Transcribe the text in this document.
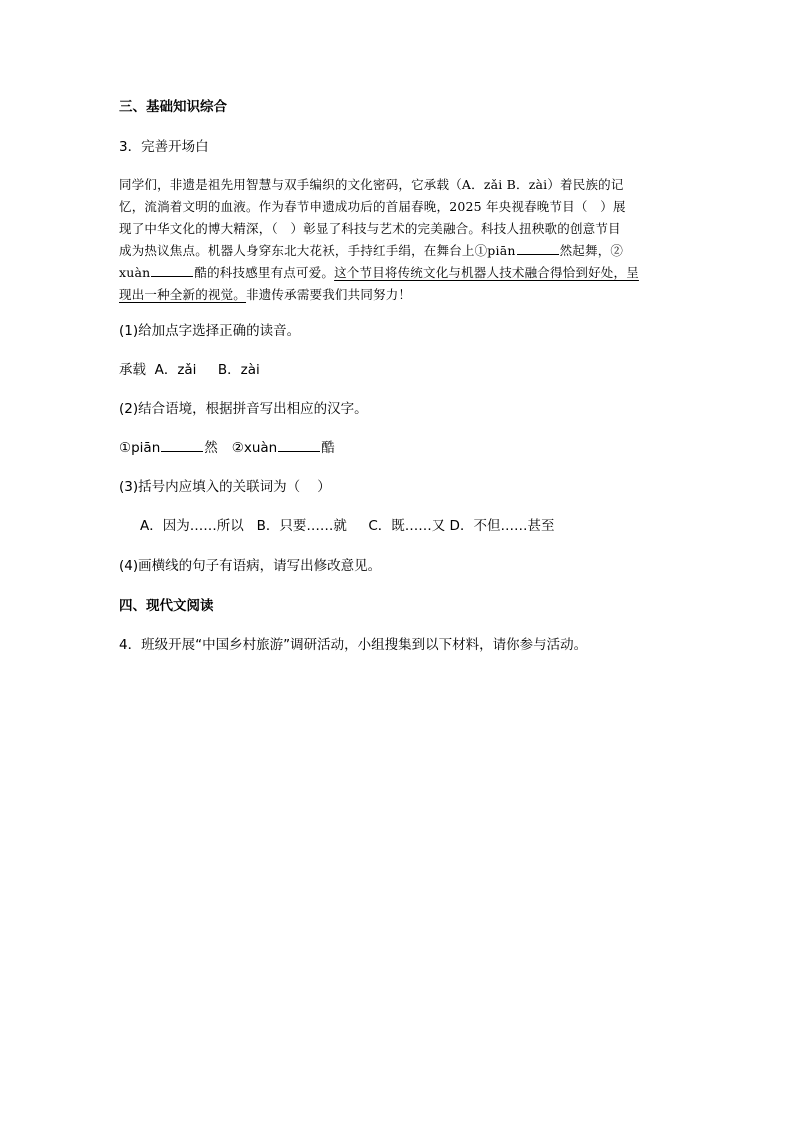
三、基础知识综合
3．完善开场白
同学们，非遗是祖先用智慧与双手编织的文化密码，它承载（A．zǎi B．zài）着民族的记
忆，流淌着文明的血液。作为春节申遗成功后的首届春晚，2025 年央视春晚节目（　）展
现了中华文化的博大精深，（　）彰显了科技与艺术的完美融合。科技人扭秧歌的创意节目
成为热议焦点。机器人身穿东北大花袄，手持红手绢，在舞台上①piān	然起舞，②
xuàn	酷的科技感里有点可爱。这个节目将传统文化与机器人技术融合得恰到好处，呈
现出一种全新的视觉。非遗传承需要我们共同努力！
(1)给加点字选择正确的读音。
承载  A．zǎi     B．zài
(2)结合语境，根据拼音写出相应的汉字。
①piān	然 ②xuàn	酷
(3)括号内应填入的关联词为（    ）
A．因为……所以   B．只要……就     C．既……又 D．不但……甚至
(4)画横线的句子有语病，请写出修改意见。
四、现代文阅读
4．班级开展“中国乡村旅游”调研活动，小组搜集到以下材料，请你参与活动。
